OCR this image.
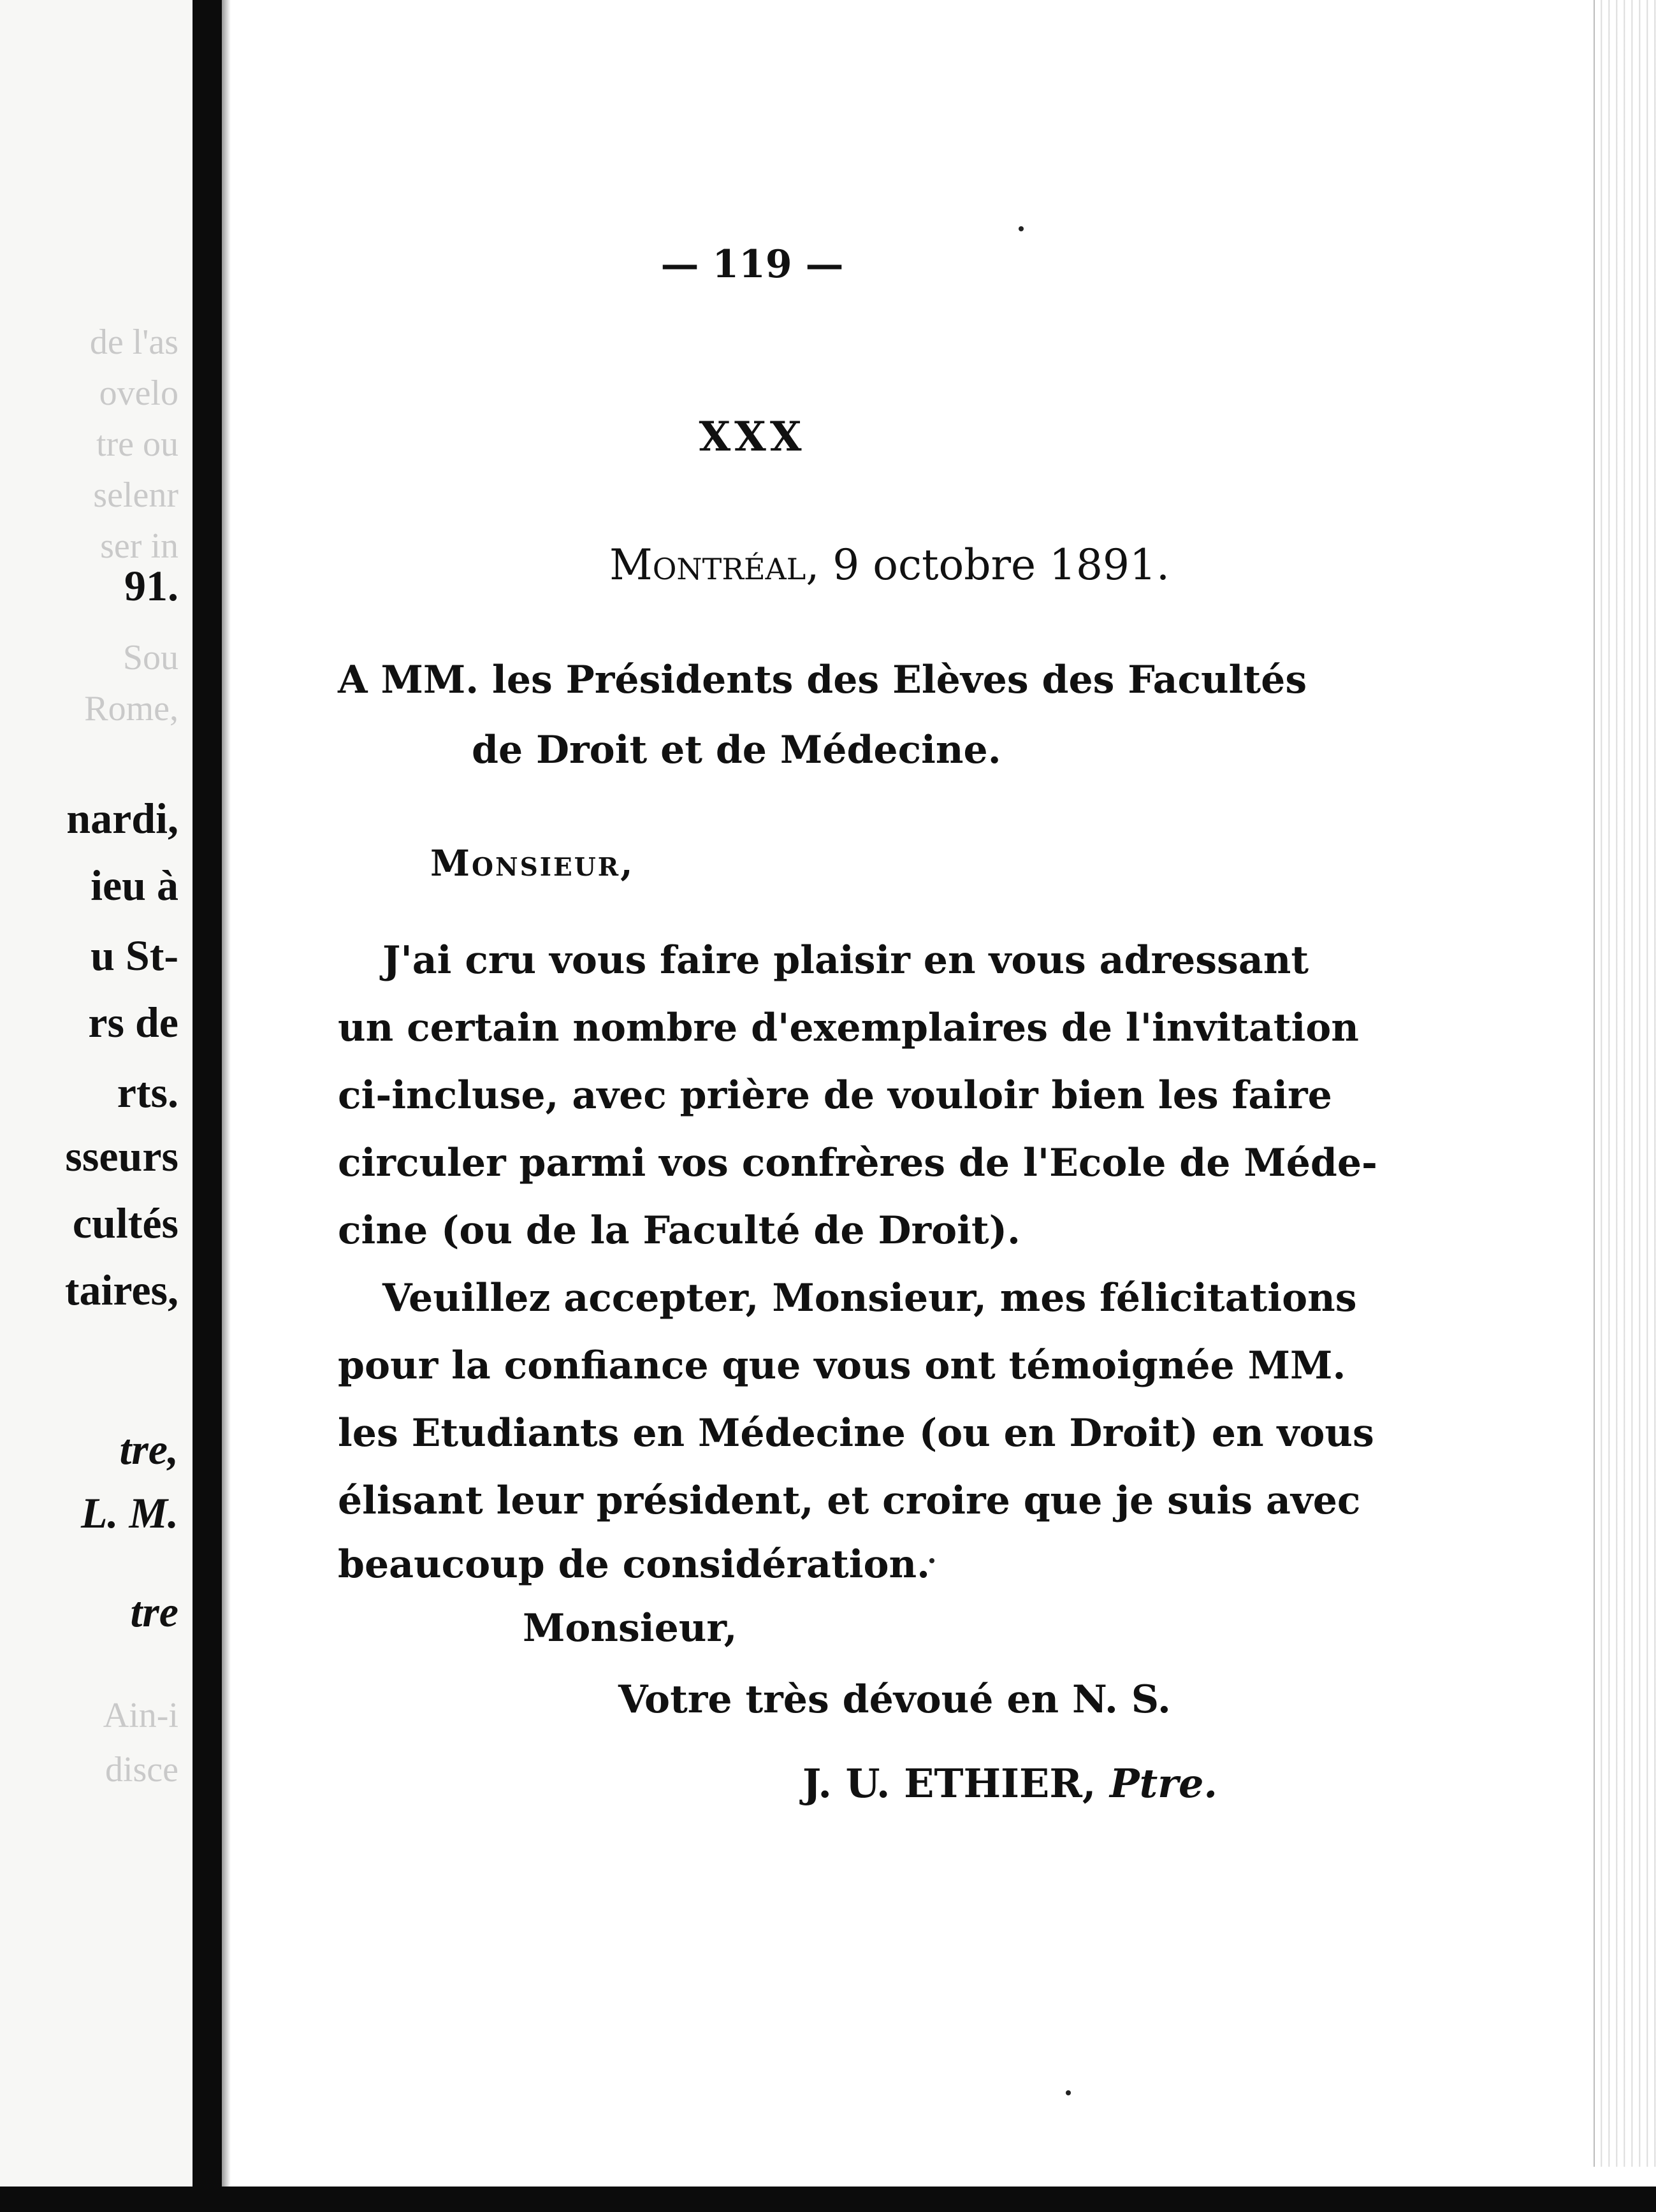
de l'as
ovelo
tre ou
selenr
ser in
91.
Sou
Rome,
nardi,
ieu à
u St-
rs de
rts.
sseurs
cultés
taires,
tre,
L. M.
tre
Ain-i
disce
— 119 —
XXX
Montréal, 9 octobre 1891.
A MM. les Présidents des Elèves des Facultés
de Droit et de Médecine.
Monsieur,
J'ai cru vous faire plaisir en vous adressant
un certain nombre d'exemplaires de l'invitation
ci-incluse, avec prière de vouloir bien les faire
circuler parmi vos confrères de l'Ecole de Méde-
cine (ou de la Faculté de Droit).
Veuillez accepter, Monsieur, mes félicitations
pour la confiance que vous ont témoignée MM.
les Etudiants en Médecine (ou en Droit) en vous
élisant leur président, et croire que je suis avec
beaucoup de considération.
Monsieur,
Votre très dévoué en N. S.
J. U. ETHIER, Ptre.
